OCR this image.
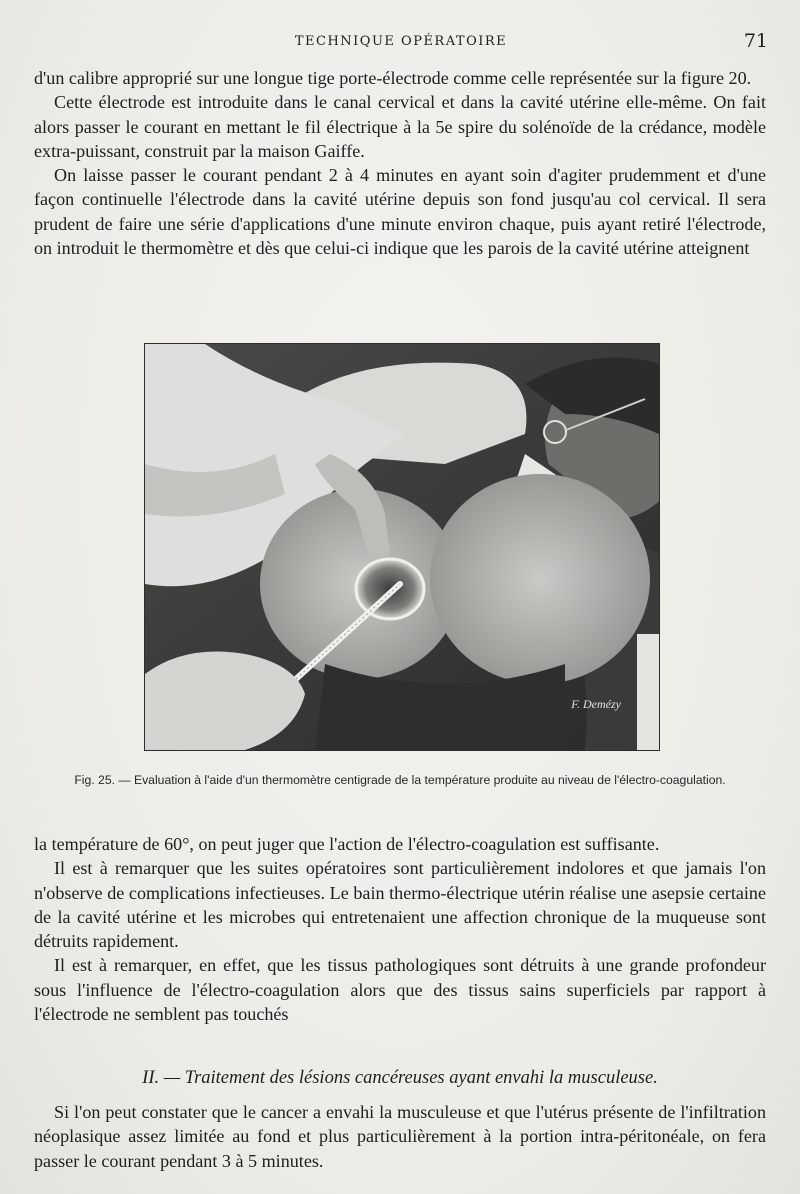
TECHNIQUE OPÉRATOIRE	71

d'un calibre approprié sur une longue tige porte-électrode comme celle représentée sur la figure 20.

Cette électrode est introduite dans le canal cervical et dans la cavité utérine elle-même. On fait alors passer le courant en mettant le fil électrique à la 5e spire du solénoïde de la crédance, modèle extra-puissant, construit par la maison Gaiffe.

On laisse passer le courant pendant 2 à 4 minutes en ayant soin d'agiter prudemment et d'une façon continuelle l'électrode dans la cavité utérine depuis son fond jusqu'au col cervical. Il sera prudent de faire une série d'applications d'une minute environ chaque, puis ayant retiré l'électrode, on introduit le thermomètre et dès que celui-ci indique que les parois de la cavité utérine atteignent

F. Demézy
Fig. 25. — Evaluation à l'aide d'un thermomètre centigrade de la température produite au niveau de l'électro-coagulation.

la température de 60°, on peut juger que l'action de l'électro-coagulation est suffisante.

Il est à remarquer que les suites opératoires sont particulièrement indolores et que jamais l'on n'observe de complications infectieuses. Le bain thermo-électrique utérin réalise une asepsie certaine de la cavité utérine et les microbes qui entretenaient une affection chronique de la muqueuse sont détruits rapidement.

Il est à remarquer, en effet, que les tissus pathologiques sont détruits à une grande profondeur sous l'influence de l'électro-coagulation alors que des tissus sains superficiels par rapport à l'électrode ne semblent pas touchés

II. — Traitement des lésions cancéreuses ayant envahi la musculeuse.

Si l'on peut constater que le cancer a envahi la musculeuse et que l'utérus présente de l'infiltration néoplasique assez limitée au fond et plus particulièrement à la portion intra-péritonéale, on fera passer le courant pendant 3 à 5 minutes.
